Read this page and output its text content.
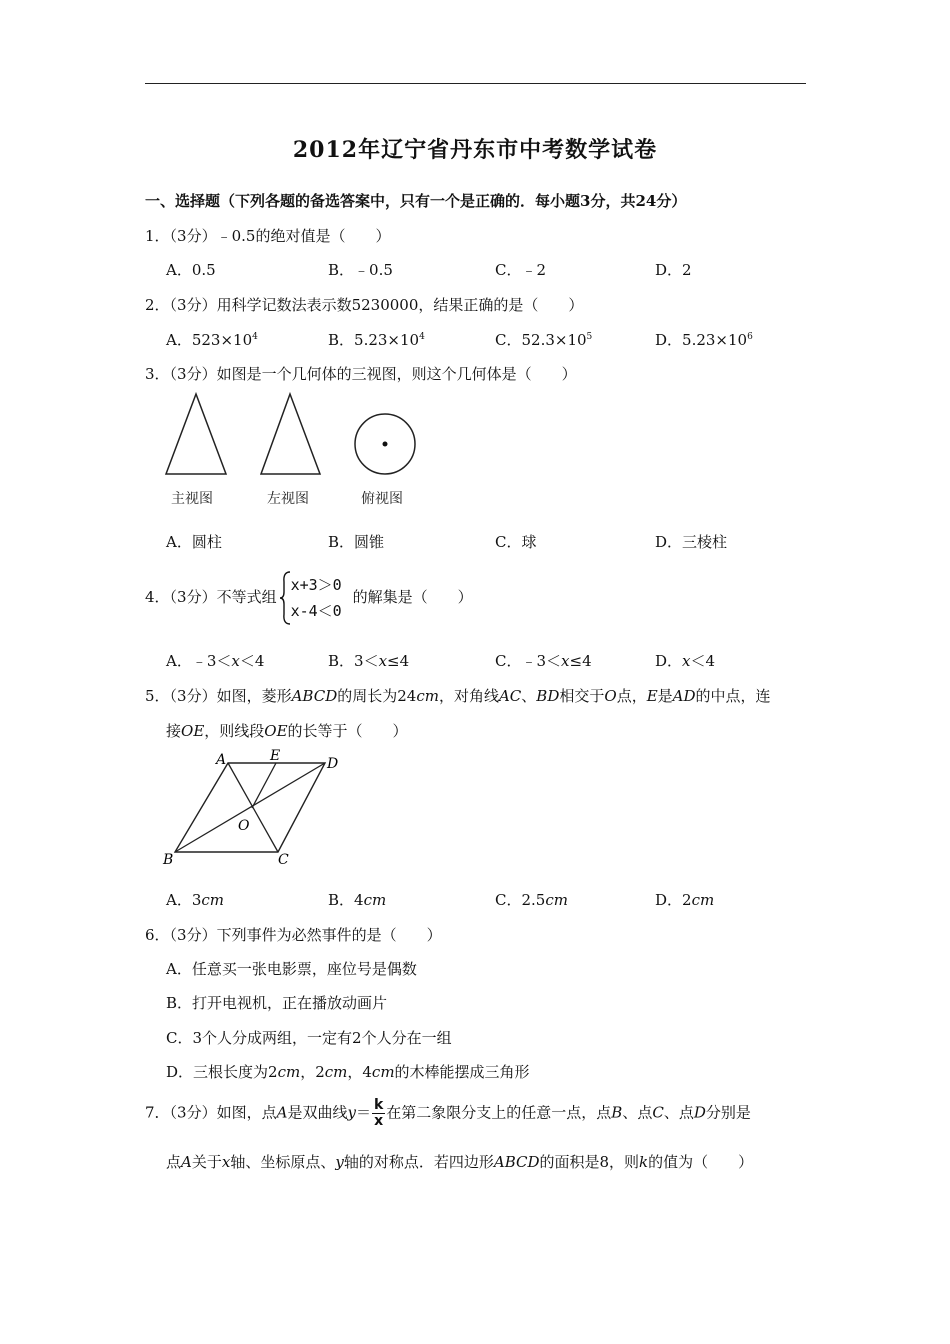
2012年辽宁省丹东市中考数学试卷
一、选择题（下列各题的备选答案中，只有一个是正确的．每小题3分，共24分）
1．（3分）﹣0.5的绝对值是（　　）
A．0.5	B．﹣0.5	C．﹣2	D．2
2．（3分）用科学记数法表示数5230000，结果正确的是（　　）
A．$523\times 10^4$	B．$5.23\times 10^4$	C．$52.3\times 10^5$	D．$5.23\times 10^6$
3．（3分）如图是一个几何体的三视图，则这个几何体是（　　）
主视图	左视图	俯视图
A．圆柱	B．圆锥	C．球	D．三棱柱
4．（3分）不等式组
x+3＞0
x-4＜0
的解集是（　　）
A．﹣3＜x＜4	B．3＜x≤4	C．﹣3＜x≤4	D．x＜4
5．（3分）如图，菱形ABCD的周长为24cm，对角线AC、BD相交于O点，E是AD的中点，连
接OE，则线段OE的长等于（　　）
A	E	D
O
B	C
A．3cm	B．4cm	C．2.5cm	D．2cm
6．（3分）下列事件为必然事件的是（　　）
A．任意买一张电影票，座位号是偶数
B．打开电视机，正在播放动画片
C．3个人分成两组，一定有2个人分在一组
D．三根长度为2cm，2cm，4cm的木棒能摆成三角形
7．（3分）如图，点A是双曲线$y= \frac{k}{x}$ 在第二象限分支上的任意一点，点B、点C、点D分别是
点A关于x轴、坐标原点、y轴的对称点．若四边形ABCD的面积是8，则k的值为（　　）
